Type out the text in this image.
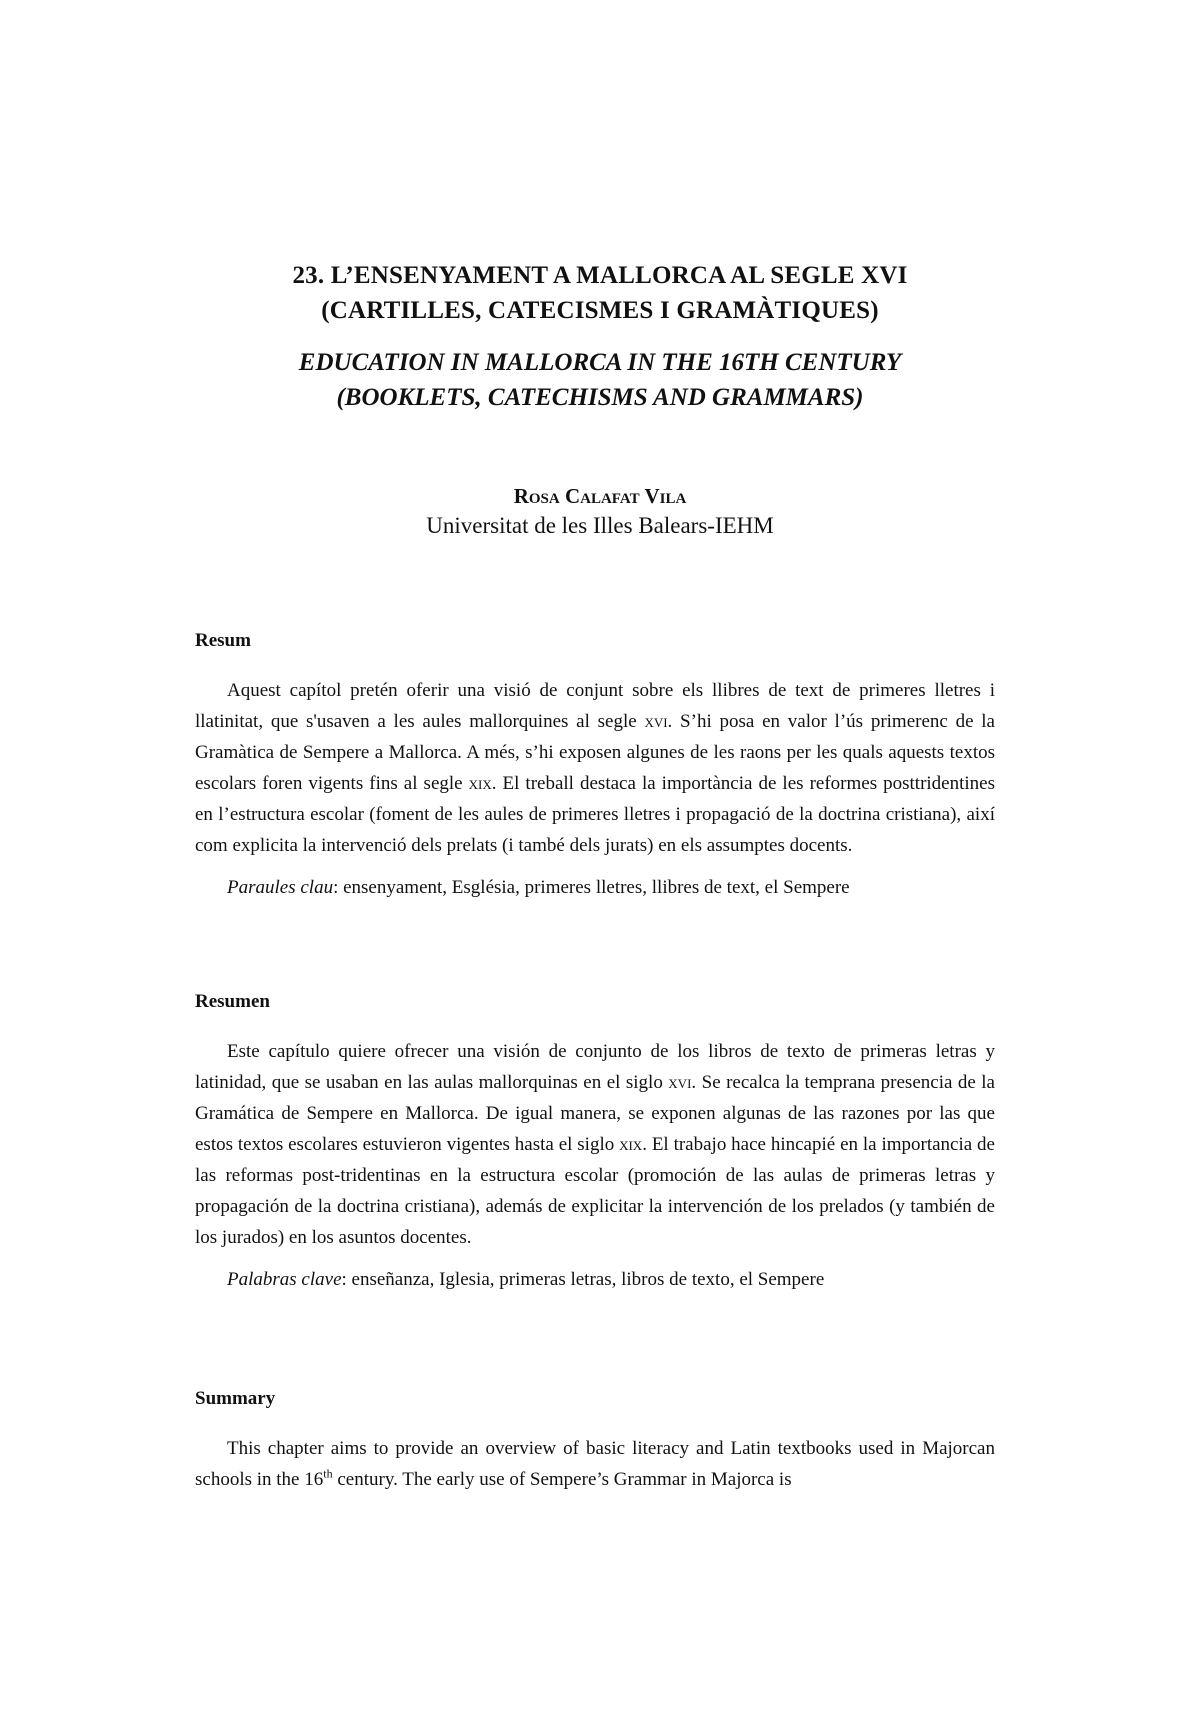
23. L’ENSENYAMENT A MALLORCA AL SEGLE XVI
(CARTILLES, CATECISMES I GRAMÀTIQUES)
EDUCATION IN MALLORCA IN THE 16TH CENTURY
(BOOKLETS, CATECHISMS AND GRAMMARS)
Rosa Calafat Vila
Universitat de les Illes Balears-IEHM

Resum

Aquest capítol pretén oferir una visió de conjunt sobre els llibres de text de primeres lletres i llatinitat, que s'usaven a les aules mallorquines al segle xvi. S’hi posa en valor l’ús primerenc de la Gramàtica de Sempere a Mallorca. A més, s’hi exposen algunes de les raons per les quals aquests textos escolars foren vigents fins al segle xix. El treball destaca la importància de les reformes posttridentines en l’estructura escolar (foment de les aules de primeres lletres i propagació de la doctrina cristiana), així com explicita la intervenció dels prelats (i també dels jurats) en els assumptes docents.

Paraules clau: ensenyament, Església, primeres lletres, llibres de text, el Sempere

Resumen

Este capítulo quiere ofrecer una visión de conjunto de los libros de texto de primeras letras y latinidad, que se usaban en las aulas mallorquinas en el siglo xvi. Se recalca la temprana presencia de la Gramática de Sempere en Mallorca. De igual manera, se exponen algunas de las razones por las que estos textos escolares estuvieron vigentes hasta el siglo xix. El trabajo hace hincapié en la importancia de las reformas post-tridentinas en la estructura escolar (promoción de las aulas de primeras letras y propagación de la doctrina cristiana), además de explicitar la intervención de los prelados (y también de los jurados) en los asuntos docentes.

Palabras clave: enseñanza, Iglesia, primeras letras, libros de texto, el Sempere

Summary

This chapter aims to provide an overview of basic literacy and Latin textbooks used in Majorcan schools in the 16th century. The early use of Sempere’s Grammar in Majorca is
